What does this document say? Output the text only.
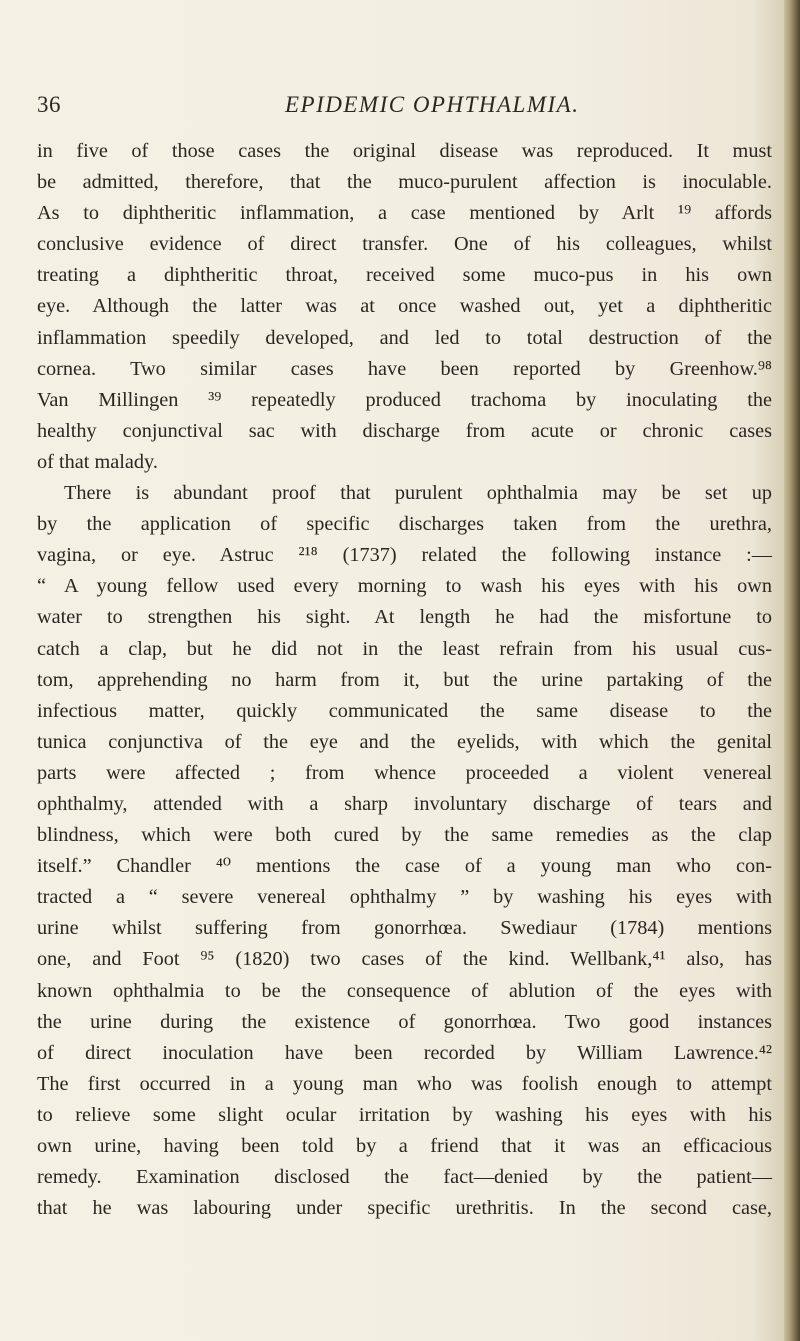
36	EPIDEMIC OPHTHALMIA.
in five of those cases the original disease was reproduced. It must
be admitted, therefore, that the muco-purulent affection is inoculable.
As to diphtheritic inflammation, a case mentioned by Arlt ¹⁹ affords
conclusive evidence of direct transfer. One of his colleagues, whilst
treating a diphtheritic throat, received some muco-pus in his own
eye. Although the latter was at once washed out, yet a diphtheritic
inflammation speedily developed, and led to total destruction of the
cornea. Two similar cases have been reported by Greenhow.⁹⁸
Van Millingen ³⁹ repeatedly produced trachoma by inoculating the
healthy conjunctival sac with discharge from acute or chronic cases
of that malady.
There is abundant proof that purulent ophthalmia may be set up
by the application of specific discharges taken from the urethra,
vagina, or eye. Astruc ²¹⁸ (1737) related the following instance :—
“ A young fellow used every morning to wash his eyes with his own
water to strengthen his sight. At length he had the misfortune to
catch a clap, but he did not in the least refrain from his usual cus-
tom, apprehending no harm from it, but the urine partaking of the
infectious matter, quickly communicated the same disease to the
tunica conjunctiva of the eye and the eyelids, with which the genital
parts were affected ; from whence proceeded a violent venereal
ophthalmy, attended with a sharp involuntary discharge of tears and
blindness, which were both cured by the same remedies as the clap
itself.” Chandler ⁴⁰ mentions the case of a young man who con-
tracted a “ severe venereal ophthalmy ” by washing his eyes with
urine whilst suffering from gonorrhœa. Swediaur (1784) mentions
one, and Foot ⁹⁵ (1820) two cases of the kind. Wellbank,⁴¹ also, has
known ophthalmia to be the consequence of ablution of the eyes with
the urine during the existence of gonorrhœa. Two good instances
of direct inoculation have been recorded by William Lawrence.⁴²
The first occurred in a young man who was foolish enough to attempt
to relieve some slight ocular irritation by washing his eyes with his
own urine, having been told by a friend that it was an efficacious
remedy. Examination disclosed the fact—denied by the patient—
that he was labouring under specific urethritis. In the second case,
